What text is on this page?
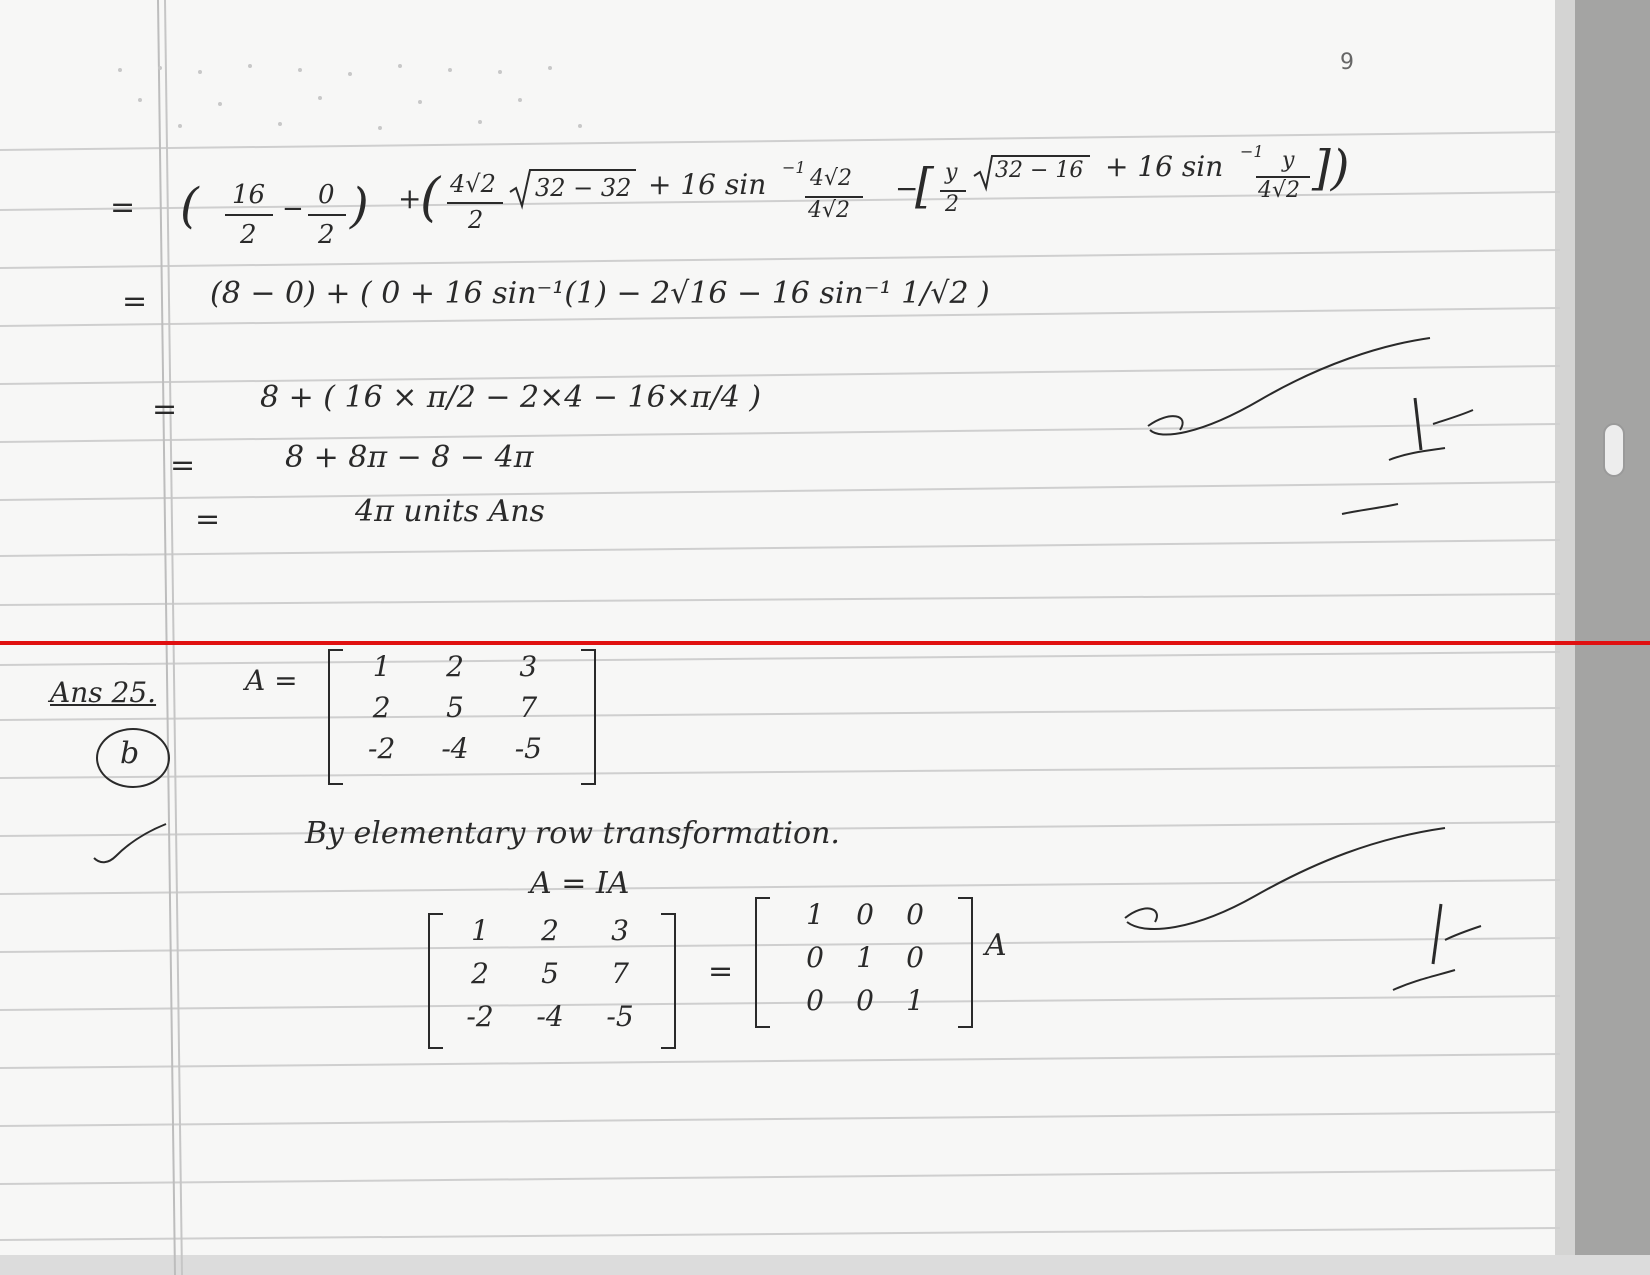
9
= ( 16
2
− 0
2
) +
( 4√2
2
32 − 32 + 16 sin
−1 4√2
4√2
−
[ y
2
32 − 16 + 16 sin −1 y
4√2 ])
= (8 − 0) + ( 0 + 16 sin⁻¹(1) − 2√16 − 16 sin⁻¹ 1/√2 )
=	8 + ( 16 × π/2 − 2×4 − 16×π/4 )
=	8 + 8π − 8 − 4π
=	4π units Ans
Ans 25.
b
A =	1	2	3
2	5	7
-2	-4	-5
By elementary row transformation.
A = IA
1	2	3
2	5	7
-2	-4	-5
=
1	0	0
0	1	0
0	0	1
A
